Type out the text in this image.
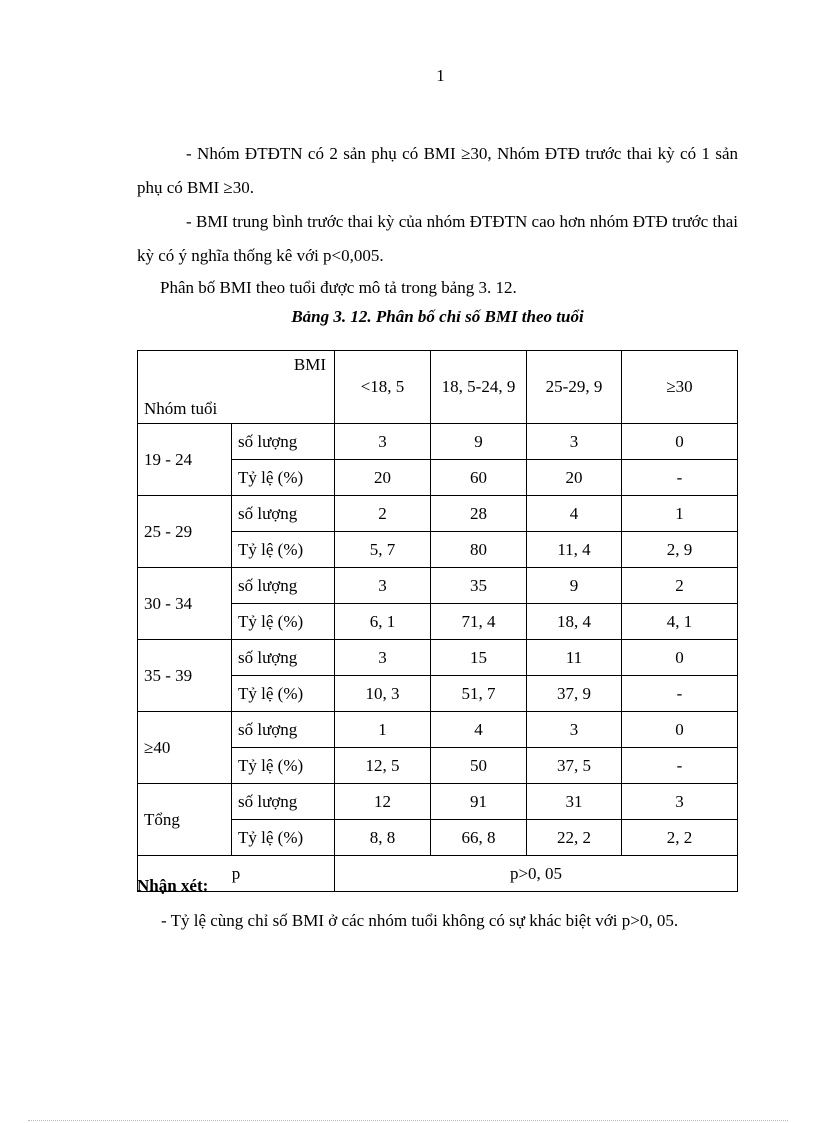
1

- Nhóm ĐTĐTN có 2 sản phụ có BMI ≥30, Nhóm ĐTĐ trước thai kỳ có 1 sản phụ có BMI ≥30.

- BMI trung bình trước thai kỳ của nhóm ĐTĐTN cao hơn nhóm ĐTĐ trước thai kỳ có ý nghĩa thống kê với p<0,005.

Phân bố BMI theo tuổi được mô tả trong bảng 3. 12.

Bảng 3. 12. Phân bố chỉ số BMI theo tuổi
BMI
Nhóm tuổi		<18, 5	18, 5-24, 9	25-29, 9	≥30
19 - 24	số lượng	3	9	3	0
	Tỷ lệ (%)	20	60	20	-
25 - 29	số lượng	2	28	4	1
	Tỷ lệ (%)	5, 7	80	11, 4	2, 9
30 - 34	số lượng	3	35	9	2
	Tỷ lệ (%)	6, 1	71, 4	18, 4	4, 1
35 - 39	số lượng	3	15	11	0
	Tỷ lệ (%)	10, 3	51, 7	37, 9	-
≥40	số lượng	1	4	3	0
	Tỷ lệ (%)	12, 5	50	37, 5	-
Tổng	số lượng	12	91	31	3
	Tỷ lệ (%)	8, 8	66, 8	22, 2	2, 2
p		p>0, 05			
Nhận xét:

- Tỷ lệ cùng chỉ số BMI ở các nhóm tuổi không có sự khác biệt với p>0, 05.
